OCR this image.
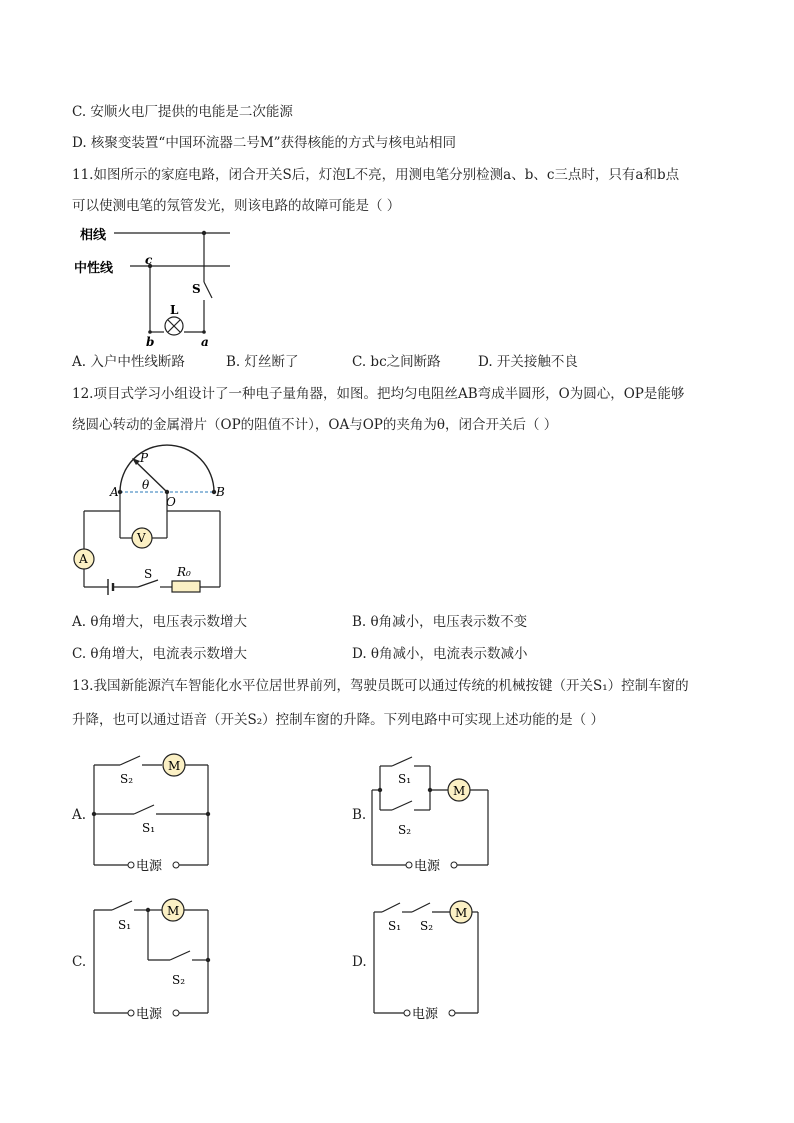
C. 安顺火电厂提供的电能是二次能源
D. 核聚变装置“中国环流器二号M”获得核能的方式与核电站相同
11.如图所示的家庭电路，闭合开关S后，灯泡L不亮，用测电笔分别检测a、b、c三点时，只有a和b点
可以使测电笔的氖管发光，则该电路的故障可能是（ ）
相线
中性线
c
L
S
b	a
A. 入户中性线断路	B. 灯丝断了	C. bc之间断路	D. 开关接触不良
12.项目式学习小组设计了一种电子量角器，如图。把均匀电阻丝AB弯成半圆形，O为圆心，OP是能够
绕圆心转动的金属滑片（OP的阻值不计），OA与OP的夹角为θ，闭合开关后（ ）
P
A θ
O
B
V
A
S R₀
A. θ角增大，电压表示数增大	B. θ角减小，电压表示数不变
C. θ角增大，电流表示数增大	D. θ角减小，电流表示数减小
13.我国新能源汽车智能化水平位居世界前列，驾驶员既可以通过传统的机械按键（开关S₁）控制车窗的
升降，也可以通过语音（开关S₂）控制车窗的升降。下列电路中可实现上述功能的是（ ）
A.
M
S₂
S₁
电源
B.
S₁
S₂
M
电源
C.
S₁
M
S₂
电源
D.
S₁ S₂
M
电源
